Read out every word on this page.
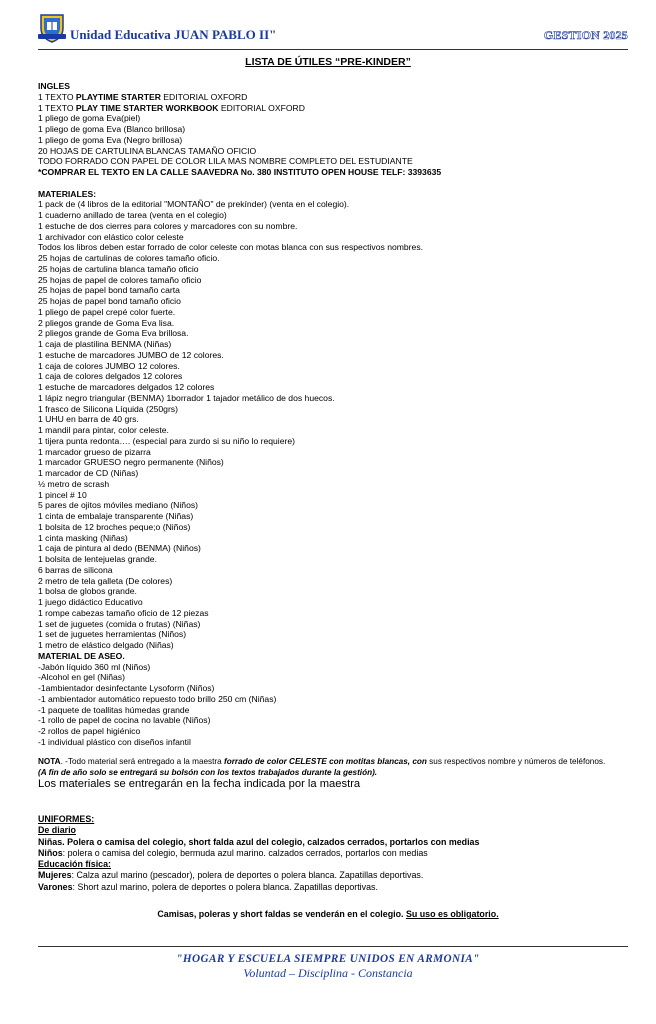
Unidad Educativa JUAN PABLO II"	GESTION 2025
LISTA DE ÚTILES “PRE-KINDER”
INGLES
1 TEXTO PLAYTIME STARTER EDITORIAL OXFORD
1 TEXTO PLAY TIME STARTER WORKBOOK EDITORIAL OXFORD
1 pliego de goma Eva(piel)
1 pliego de goma Eva (Blanco brillosa)
1 pliego de goma Eva (Negro brillosa)
20 HOJAS DE CARTULINA BLANCAS TAMAÑO OFICIO
TODO FORRADO CON PAPEL DE COLOR LILA MAS NOMBRE COMPLETO DEL ESTUDIANTE
*COMPRAR EL TEXTO EN LA CALLE SAAVEDRA No. 380 INSTITUTO OPEN HOUSE TELF: 3393635
MATERIALES:
1 pack de (4 libros de la editorial "MONTAÑO" de prekínder) (venta en el colegio).
1 cuaderno anillado de tarea (venta en el colegio)
1 estuche de dos cierres para colores y marcadores con su nombre.
1 archivador con elástico color celeste
Todos los libros deben estar forrado de color celeste con motas blanca con sus respectivos nombres.
25 hojas de cartulinas de colores tamaño oficio.
25 hojas de cartulina blanca tamaño oficio
25 hojas de papel de colores tamaño oficio
25 hojas de papel bond tamaño carta
25 hojas de papel bond tamaño oficio
1 pliego de papel crepé color fuerte.
2 pliegos grande de Goma Eva lisa.
2 pliegos grande de Goma Eva brillosa.
1 caja de plastilina BENMA (Niñas)
1 estuche de marcadores JUMBO de 12 colores.
1 caja de colores JUMBO 12 colores.
1 caja de colores delgados 12 colores
1 estuche de marcadores delgados 12 colores
1 lápiz negro triangular (BENMA) 1borrador 1 tajador metálico de dos huecos.
1 frasco de Silicona Líquida (250grs)
1 UHU en barra de 40 grs.
1 mandil para pintar, color celeste.
1 tijera punta redonta…. (especial para zurdo si su niño lo requiere)
1 marcador grueso de pizarra
1 marcador GRUESO negro permanente (Niños)
1 marcador de CD (Niñas)
½ metro de scrash
1 pincel # 10
5 pares de ojitos móviles mediano (Niños)
1 cinta de embalaje transparente (Niñas)
1 bolsita de 12 broches peque;o (Niños)
1 cinta masking (Niñas)
1 caja de pintura al dedo (BENMA) (Niños)
1 bolsita de lentejuelas grande.
6 barras de silicona
2 metro de tela galleta (De colores)
1 bolsa de globos grande.
1 juego didáctico Educativo
1 rompe cabezas tamaño oficio de 12 piezas
1 set de juguetes (comida o frutas) (Niñas)
1 set de juguetes herramientas (Niños)
1 metro de elástico delgado (Niñas)
MATERIAL DE ASEO.
-Jabón líquido 360 ml (Niños)
-Alcohol en gel (Niñas)
-1ambientador desinfectante Lysoform (Niños)
-1 ambientador automático repuesto todo brillo 250 cm (Niñas)
-1 paquete de toallitas húmedas grande
-1 rollo de papel de cocina no lavable (Niños)
-2 rollos de papel higiénico
-1 individual plástico con diseños infantil
NOTA. -Todo material será entregado a la maestra forrado de color CELESTE con motitas blancas, con sus respectivos nombre y números de teléfonos.
(A fin de año solo se entregará su bolsón con los textos trabajados durante la gestión).
Los materiales se entregarán en la fecha indicada por la maestra
UNIFORMES:
De diario
Niñas. Polera o camisa del colegio, short falda azul del colegio, calzados cerrados, portarlos con medias
Niños: polera o camisa del colegio, bermuda azul marino. calzados cerrados, portarlos con medias
Educación física:
Mujeres: Calza azul marino (pescador), polera de deportes o polera blanca. Zapatillas deportivas.
Varones: Short azul marino, polera de deportes o polera blanca. Zapatillas deportivas.
Camisas, poleras y short faldas se venderán en el colegio. Su uso es obligatorio.
"HOGAR Y ESCUELA SIEMPRE UNIDOS EN ARMONIA"
Voluntad – Disciplina - Constancia
